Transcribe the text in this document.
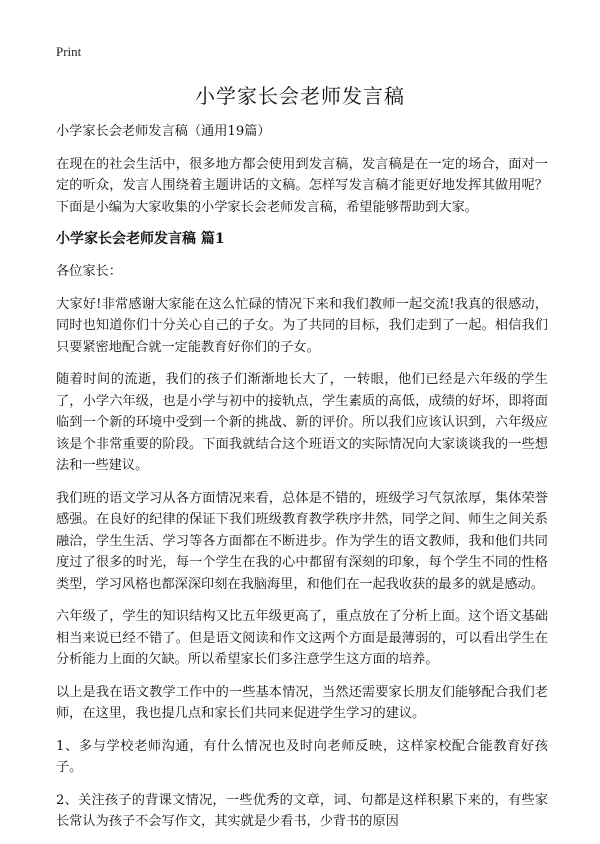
Print
小学家长会老师发言稿

小学家长会老师发言稿（通用19篇）

在现在的社会生活中，很多地方都会使用到发言稿，发言稿是在一定的场合，面对一定的听众，发言人围绕着主题讲话的文稿。怎样写发言稿才能更好地发挥其做用呢？下面是小编为大家收集的小学家长会老师发言稿，希望能够帮助到大家。

小学家长会老师发言稿 篇1

各位家长：

大家好!非常感谢大家能在这么忙碌的情况下来和我们教师一起交流!我真的很感动，同时也知道你们十分关心自己的子女。为了共同的目标，我们走到了一起。相信我们只要紧密地配合就一定能教育好你们的子女。

随着时间的流逝，我们的孩子们渐渐地长大了，一转眼，他们已经是六年级的学生了，小学六年级，也是小学与初中的接轨点，学生素质的高低，成绩的好坏，即将面临到一个新的环境中受到一个新的挑战、新的评价。所以我们应该认识到，六年级应该是个非常重要的阶段。下面我就结合这个班语文的实际情况向大家谈谈我的一些想法和一些建议。

我们班的语文学习从各方面情况来看，总体是不错的，班级学习气氛浓厚，集体荣誉感强。在良好的纪律的保证下我们班级教育教学秩序井然，同学之间、师生之间关系融洽，学生生活、学习等各方面都在不断进步。作为学生的语文教师，我和他们共同度过了很多的时光，每一个学生在我的心中都留有深刻的印象，每个学生不同的性格类型，学习风格也都深深印刻在我脑海里，和他们在一起我收获的最多的就是感动。

六年级了，学生的知识结构又比五年级更高了，重点放在了分析上面。这个语文基础相当来说已经不错了。但是语文阅读和作文这两个方面是最薄弱的，可以看出学生在分析能力上面的欠缺。所以希望家长们多注意学生这方面的培养。

以上是我在语文教学工作中的一些基本情况，当然还需要家长朋友们能够配合我们老师，在这里，我也提几点和家长们共同来促进学生学习的建议。

1、多与学校老师沟通，有什么情况也及时向老师反映，这样家校配合能教育好孩子。

2、关注孩子的背课文情况，一些优秀的文章，词、句都是这样积累下来的，有些家长常认为孩子不会写作文，其实就是少看书，少背书的原因
